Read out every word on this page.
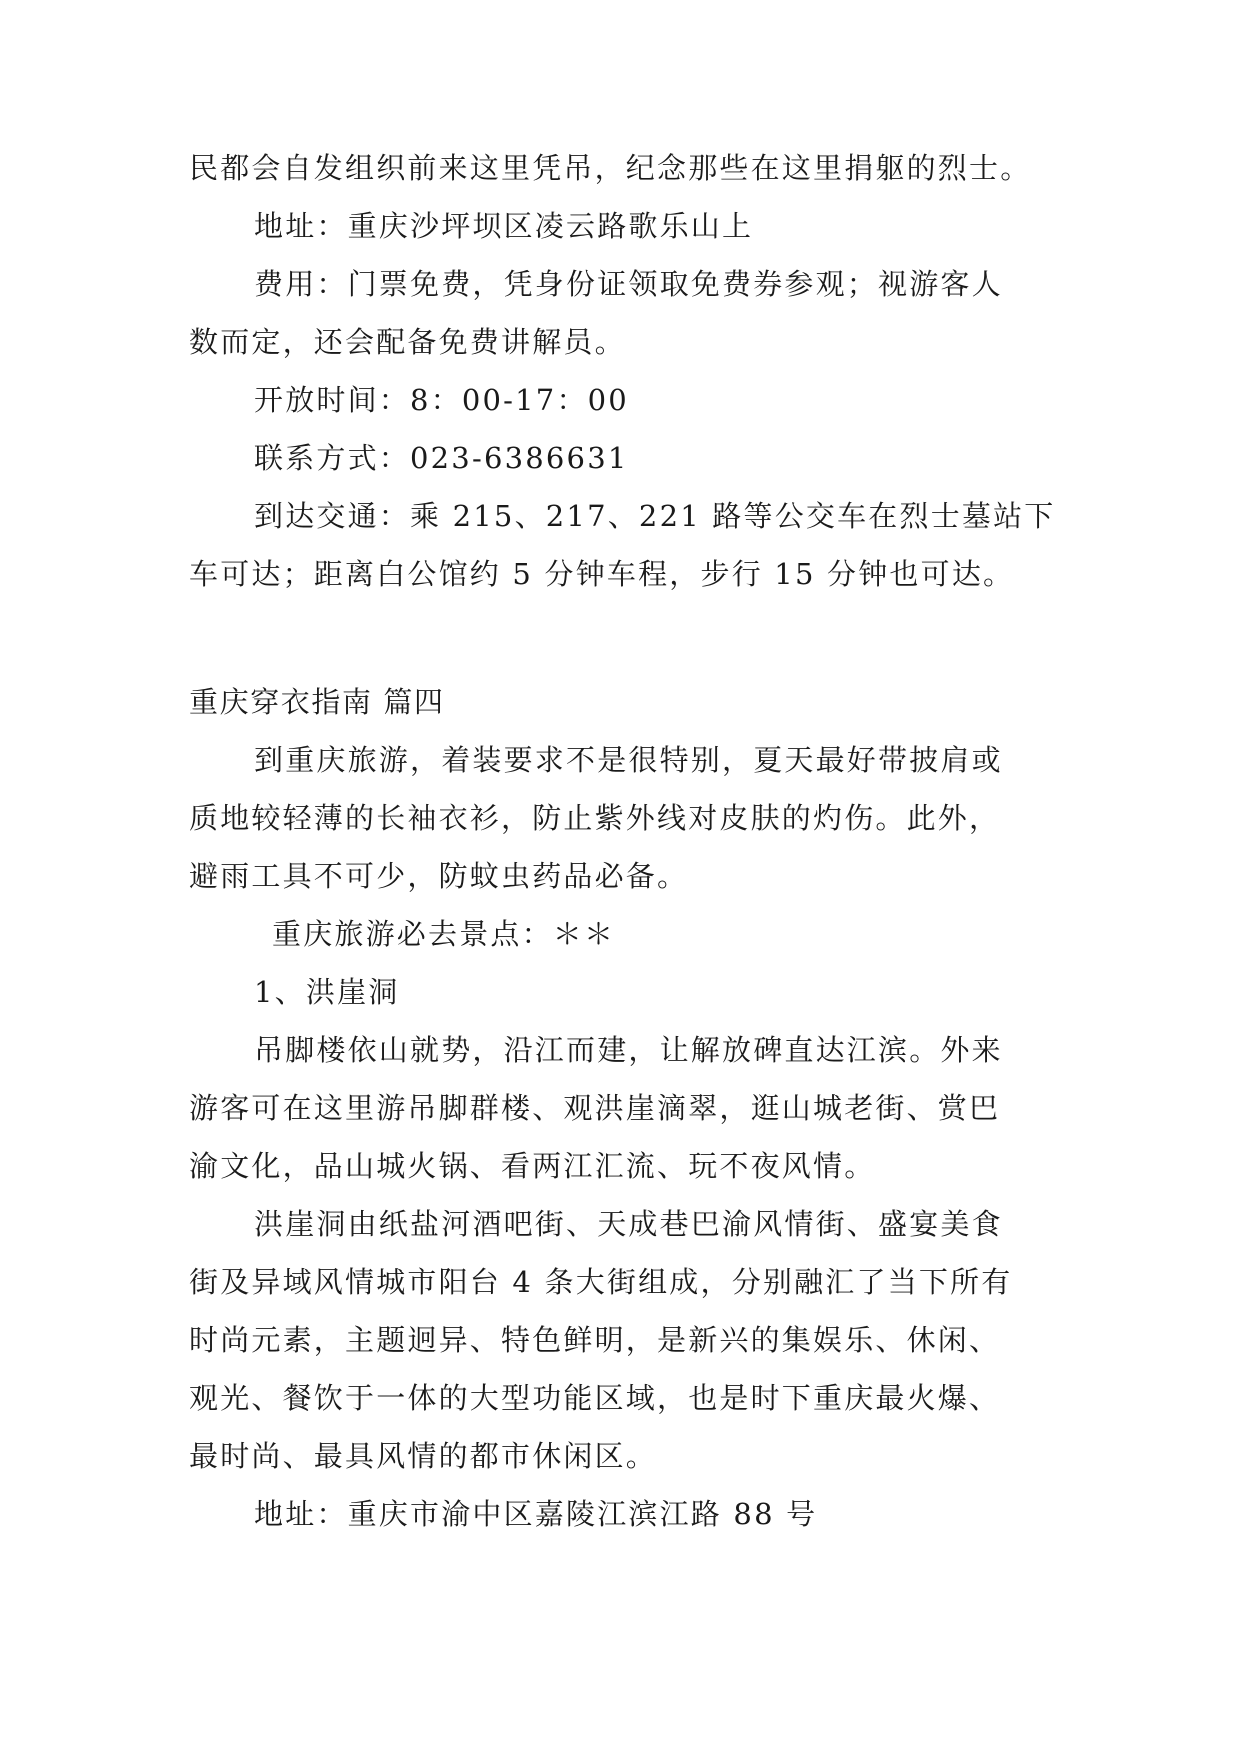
民都会自发组织前来这里凭吊，纪念那些在这里捐躯的烈士。
地址：重庆沙坪坝区凌云路歌乐山上
费用：门票免费，凭身份证领取免费券参观；视游客人
数而定，还会配备免费讲解员。
开放时间：8：00-17：00
联系方式：023-6386631
到达交通：乘 215、217、221 路等公交车在烈士墓站下
车可达；距离白公馆约 5 分钟车程，步行 15 分钟也可达。
重庆穿衣指南 篇四
到重庆旅游，着装要求不是很特别，夏天最好带披肩或
质地较轻薄的长袖衣衫，防止紫外线对皮肤的灼伤。此外，
避雨工具不可少，防蚊虫药品必备。
重庆旅游必去景点：＊＊
1、洪崖洞
吊脚楼依山就势，沿江而建，让解放碑直达江滨。外来
游客可在这里游吊脚群楼、观洪崖滴翠，逛山城老街、赏巴
渝文化，品山城火锅、看两江汇流、玩不夜风情。
洪崖洞由纸盐河酒吧街、天成巷巴渝风情街、盛宴美食
街及异域风情城市阳台 4 条大街组成，分别融汇了当下所有
时尚元素，主题迥异、特色鲜明，是新兴的集娱乐、休闲、
观光、餐饮于一体的大型功能区域，也是时下重庆最火爆、
最时尚、最具风情的都市休闲区。
地址：重庆市渝中区嘉陵江滨江路 88 号
